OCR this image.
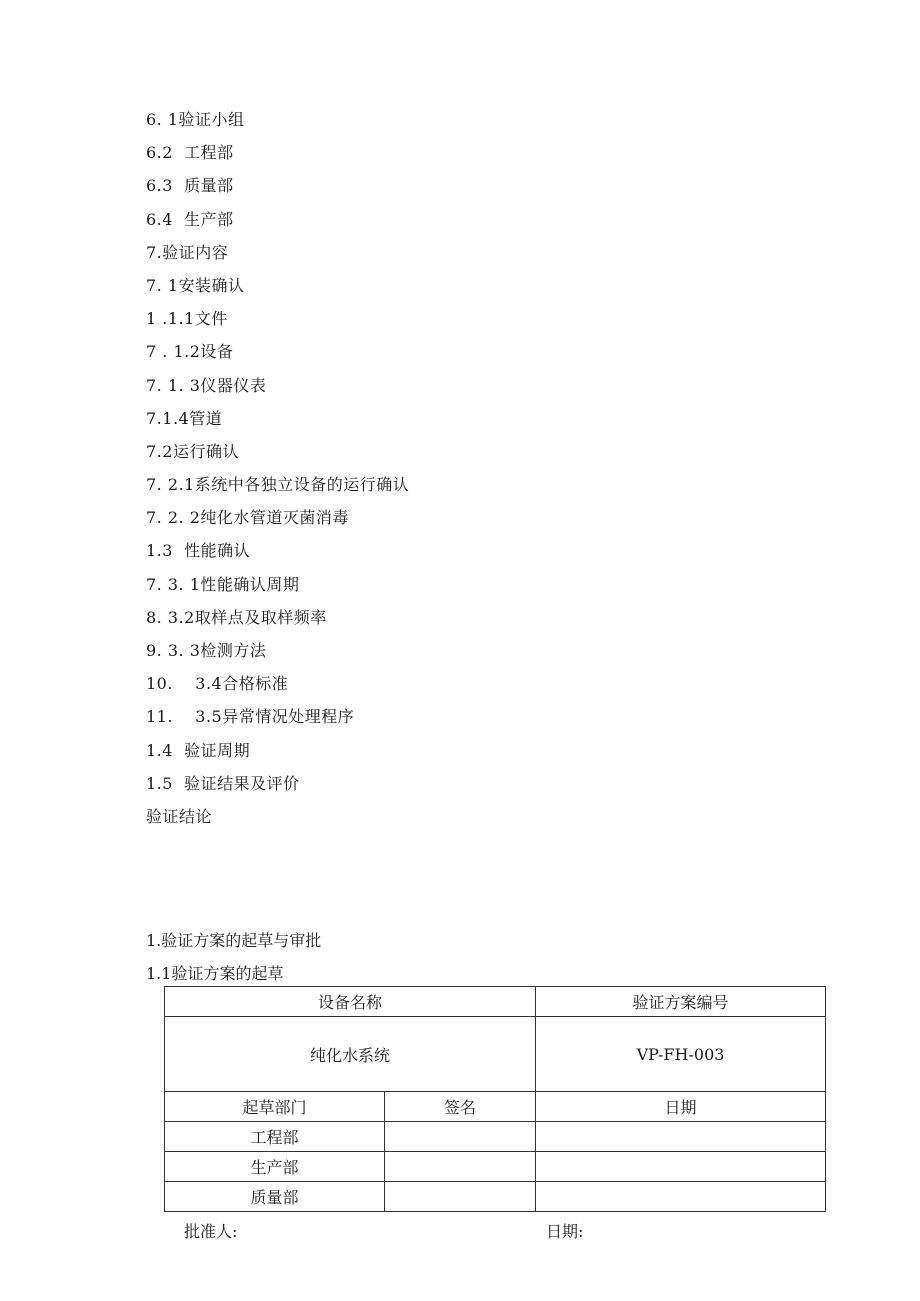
6. 1验证小组
6.2  工程部
6.3  质量部
6.4  生产部
7.验证内容
7. 1安装确认
1 .1.1文件
7 . 1.2设备
7. 1. 3仪器仪表
7.1.4管道
7.2运行确认
7. 2.1系统中各独立设备的运行确认
7. 2. 2纯化水管道灭菌消毒
1.3  性能确认
7. 3. 1性能确认周期
8. 3.2取样点及取样频率
9. 3. 3检测方法
10.    3.4合格标准
11.    3.5异常情况处理程序
1.4  验证周期
1.5  验证结果及评价
验证结论
1.验证方案的起草与审批
1.1验证方案的起草
设备名称		验证方案编号
纯化水系统		VP-FH-003
起草部门	签名	日期
工程部		
生产部		
质量部		
批准人:	日期:
